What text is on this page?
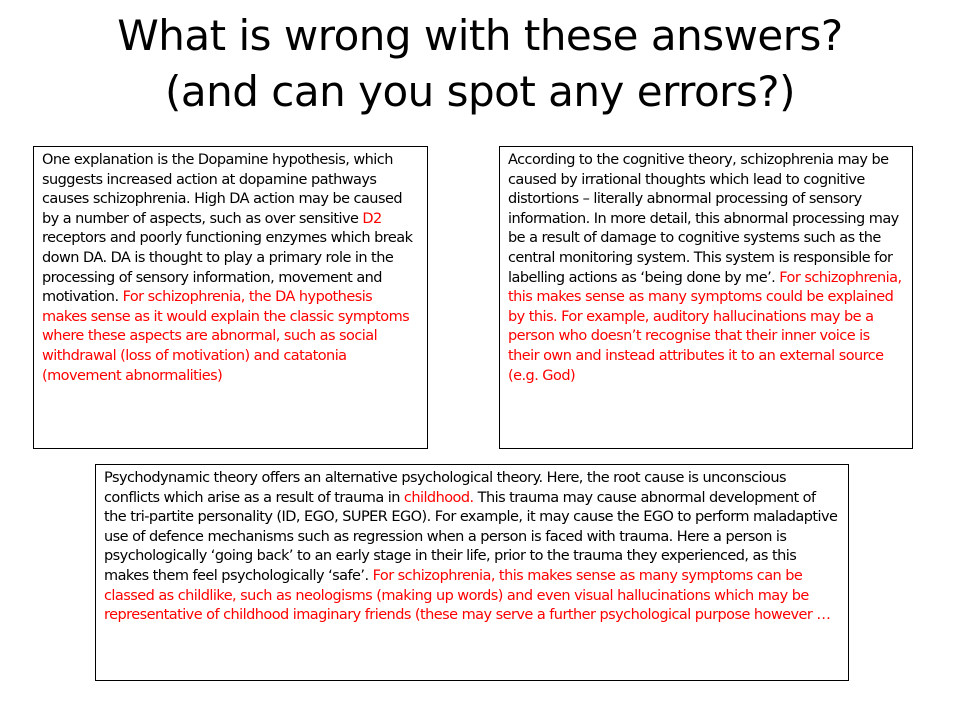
What is wrong with these answers?
(and can you spot any errors?)
One explanation is the Dopamine hypothesis, which suggests increased action at dopamine pathways causes schizophrenia. High DA action may be caused by a number of aspects, such as over sensitive D2 receptors and poorly functioning enzymes which break down DA. DA is thought to play a primary role in the processing of sensory information, movement and motivation. For schizophrenia, the DA hypothesis makes sense as it would explain the classic symptoms where these aspects are abnormal, such as social withdrawal (loss of motivation) and catatonia (movement abnormalities)
According to the cognitive theory, schizophrenia may be caused by irrational thoughts which lead to cognitive distortions – literally abnormal processing of sensory information. In more detail, this abnormal processing may be a result of damage to cognitive systems such as the central monitoring system. This system is responsible for labelling actions as ‘being done by me’. For schizophrenia, this makes sense as many symptoms could be explained by this. For example, auditory hallucinations may be a person who doesn’t recognise that their inner voice is their own and instead attributes it to an external source (e.g. God)
Psychodynamic theory offers an alternative psychological theory. Here, the root cause is unconscious conflicts which arise as a result of trauma in childhood. This trauma may cause abnormal development of the tri-partite personality (ID, EGO, SUPER EGO). For example, it may cause the EGO to perform maladaptive use of defence mechanisms such as regression when a person is faced with trauma. Here a person is psychologically ‘going back’ to an early stage in their life, prior to the trauma they experienced, as this makes them feel psychologically ‘safe’. For schizophrenia, this makes sense as many symptoms can be classed as childlike, such as neologisms (making up words) and even visual hallucinations which may be representative of childhood imaginary friends (these may serve a further psychological purpose however …
